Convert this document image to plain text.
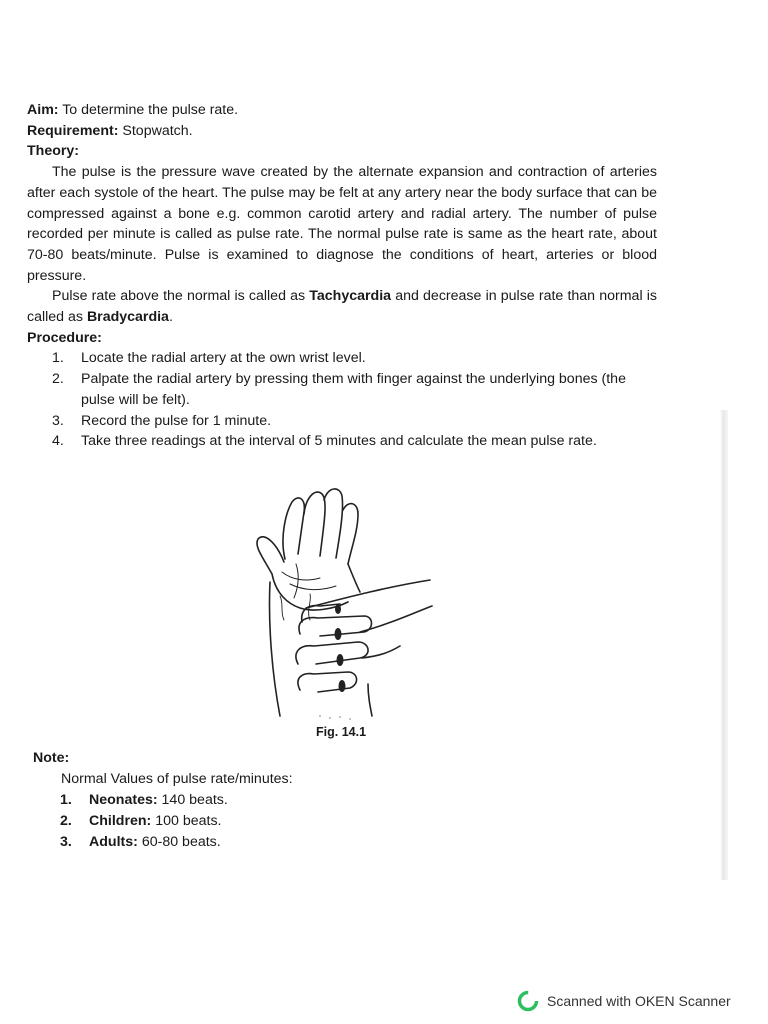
Aim: To determine the pulse rate.

Requirement: Stopwatch.

Theory:

The pulse is the pressure wave created by the alternate expansion and contraction of arteries after each systole of the heart. The pulse may be felt at any artery near the body surface that can be compressed against a bone e.g. common carotid artery and radial artery. The number of pulse recorded per minute is called as pulse rate. The normal pulse rate is same as the heart rate, about 70-80 beats/minute. Pulse is examined to diagnose the conditions of heart, arteries or blood pressure.

Pulse rate above the normal is called as Tachycardia and decrease in pulse rate than normal is called as Bradycardia.

Procedure:

1. Locate the radial artery at the own wrist level.
2. Palpate the radial artery by pressing them with finger against the underlying bones (the pulse will be felt).
3. Record the pulse for 1 minute.
4. Take three readings at the interval of 5 minutes and calculate the mean pulse rate.
Fig. 14.1

Note:

Normal Values of pulse rate/minutes:

1. Neonates: 140 beats.
2. Children: 100 beats.
3. Adults: 60-80 beats.
Scanned with OKEN Scanner
